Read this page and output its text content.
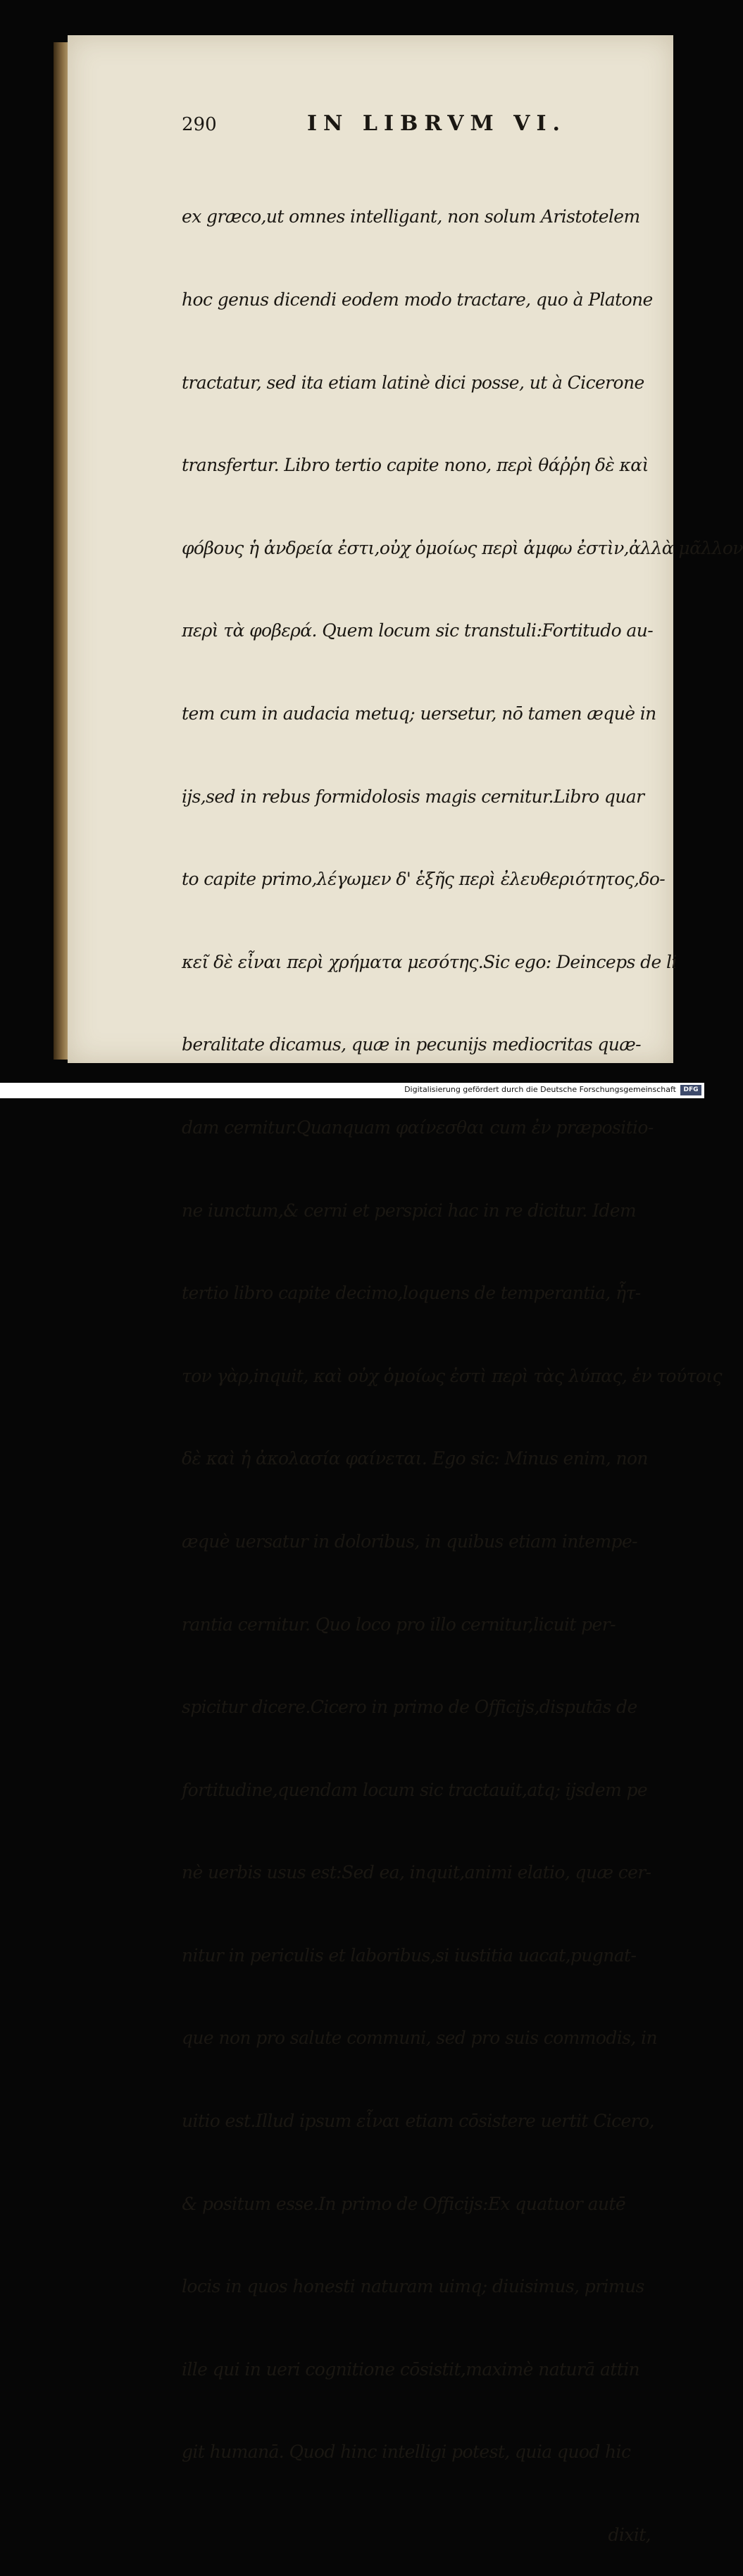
290	IN LIBRVM VI.

ex græco,ut omnes intelligant, non solum Aristotelem

hoc genus dicendi eodem modo tractare, quo à Platone

tractatur, sed ita etiam latinè dici posse, ut à Cicerone

transfertur. Libro tertio capite nono, περὶ θάῤῥη δὲ καὶ

φόβους ἡ ἀνδρεία ἐστι,οὐχ ὁμοίως περὶ ἀμφω ἐστὶν,ἀλλὰ μᾶλλον

περὶ τὰ φοβερά. Quem locum sic transtuli:Fortitudo au-

tem cum in audacia metuq; uersetur, nō tamen æquè in

ijs,sed in rebus formidolosis magis cernitur.Libro quar

to capite primo,λέγωμεν δ' ἑξῆς περὶ ἐλευθεριότητος,δο-

κεῖ δὲ εἶναι περὶ χρήματα μεσότης.Sic ego: Deinceps de li

beralitate dicamus, quæ in pecunijs mediocritas quæ-

dam cernitur.Quanquam φαίνεσθαι cum ἐν præpositio-

ne iunctum,& cerni et perspici hac in re dicitur. Idem

tertio libro capite decimo,loquens de temperantia, ἧτ-

τον γὰρ,inquit, καὶ οὐχ ὁμοίως ἐστὶ περὶ τὰς λύπας, ἐν τούτοις

δὲ καὶ ἡ ἀκολασία φαίνεται. Ego sic: Minus enim, non

æquè uersatur in doloribus, in quibus etiam intempe-

rantia cernitur. Quo loco pro illo cernitur,licuit per-

spicitur dicere.Cicero in primo de Officijs,disputās de

fortitudine,quendam locum sic tractauit,atq; ijsdem pe

nè uerbis usus est:Sed ea, inquit,animi elatio, quæ cer-

nitur in periculis et laboribus,si iustitia uacat,pugnat-

que non pro salute communi, sed pro suis commodis, in

uitio est.Illud ipsum εἶναι etiam cōsistere uertit Cicero,

& positum esse.In primo de Officijs:Ex quatuor autē

locis in quos honesti naturam uimq; diuisimus, primus

ille qui in ueri cognitione cōsistit,maximè naturā attin

git humanā. Quod hinc intelligi potest, quia quod hic

dixit,

Digitalisierung gefördert durch die Deutsche Forschungsgemeinschaft	DFG
